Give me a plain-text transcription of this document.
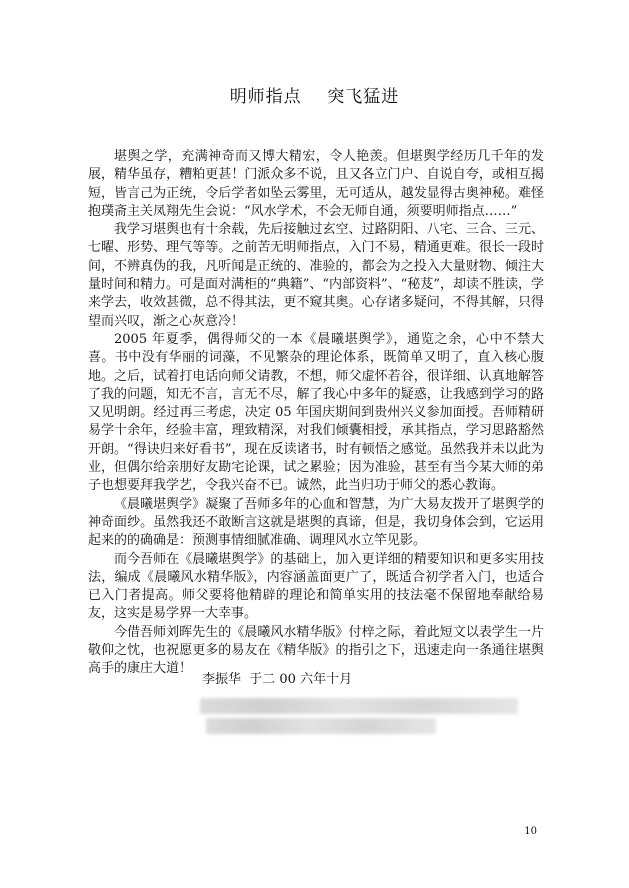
明师指点    突飞猛进

堪舆之学，充满神奇而又博大精宏，令人艳羡。但堪舆学经历几千年的发展，精华虽存，糟粕更甚！门派众多不说，且又各立门户、自说自夸，或相互揭短，皆言己为正统，令后学者如坠云雾里，无可适从，越发显得古奥神秘。难怪抱璞斋主关凤翔先生会说：“风水学术，不会无师自通，须要明师指点……”

我学习堪舆也有十余载，先后接触过玄空、过路阴阳、八宅、三合、三元、七曜、形势、理气等等。之前苦无明师指点，入门不易，精通更难。很长一段时间，不辨真伪的我，凡听闻是正统的、准验的，都会为之投入大量财物、倾注大量时间和精力。可是面对满柜的“典籍”、“内部资料”、“秘芨”，却读不胜读，学来学去，收效甚微，总不得其法，更不窥其奥。心存诸多疑问，不得其解，只得望而兴叹，渐之心灰意冷！

2005 年夏季，偶得师父的一本《晨曦堪舆学》，通览之余，心中不禁大喜。书中没有华丽的词藻，不见繁杂的理论体系，既简单又明了，直入核心腹地。之后，试着打电话向师父请教，不想，师父虚怀若谷，很详细、认真地解答了我的问题，知无不言，言无不尽，解了我心中多年的疑惑，让我感到学习的路又见明朗。经过再三考虑，决定 05 年国庆期间到贵州兴义参加面授。吾师精研易学十余年，经验丰富，理致精深，对我们倾囊相授，承其指点，学习思路豁然开朗。“得诀归来好看书”，现在反读诸书，时有顿悟之感觉。虽然我并未以此为业，但偶尔给亲朋好友勘宅论课，试之累验；因为准验，甚至有当今某大师的弟子也想要拜我学艺，令我兴奋不已。诚然，此当归功于师父的悉心教诲。

《晨曦堪舆学》凝聚了吾师多年的心血和智慧，为广大易友拨开了堪舆学的神奇面纱。虽然我还不敢断言这就是堪舆的真谛，但是，我切身体会到，它运用起来的的确确是：预测事情细腻准确、调理风水立竿见影。

而今吾师在《晨曦堪舆学》的基础上，加入更详细的精要知识和更多实用技法，编成《晨曦风水精华版》，内容涵盖面更广了，既适合初学者入门，也适合已入门者提高。师父要将他精辟的理论和简单实用的技法毫不保留地奉献给易友，这实是易学界一大幸事。

今借吾师刘晖先生的《晨曦风水精华版》付梓之际，着此短文以表学生一片敬仰之忱，也祝愿更多的易友在《精华版》的指引之下，迅速走向一条通往堪舆高手的康庄大道！

李振华  于二 00 六年十月
10
